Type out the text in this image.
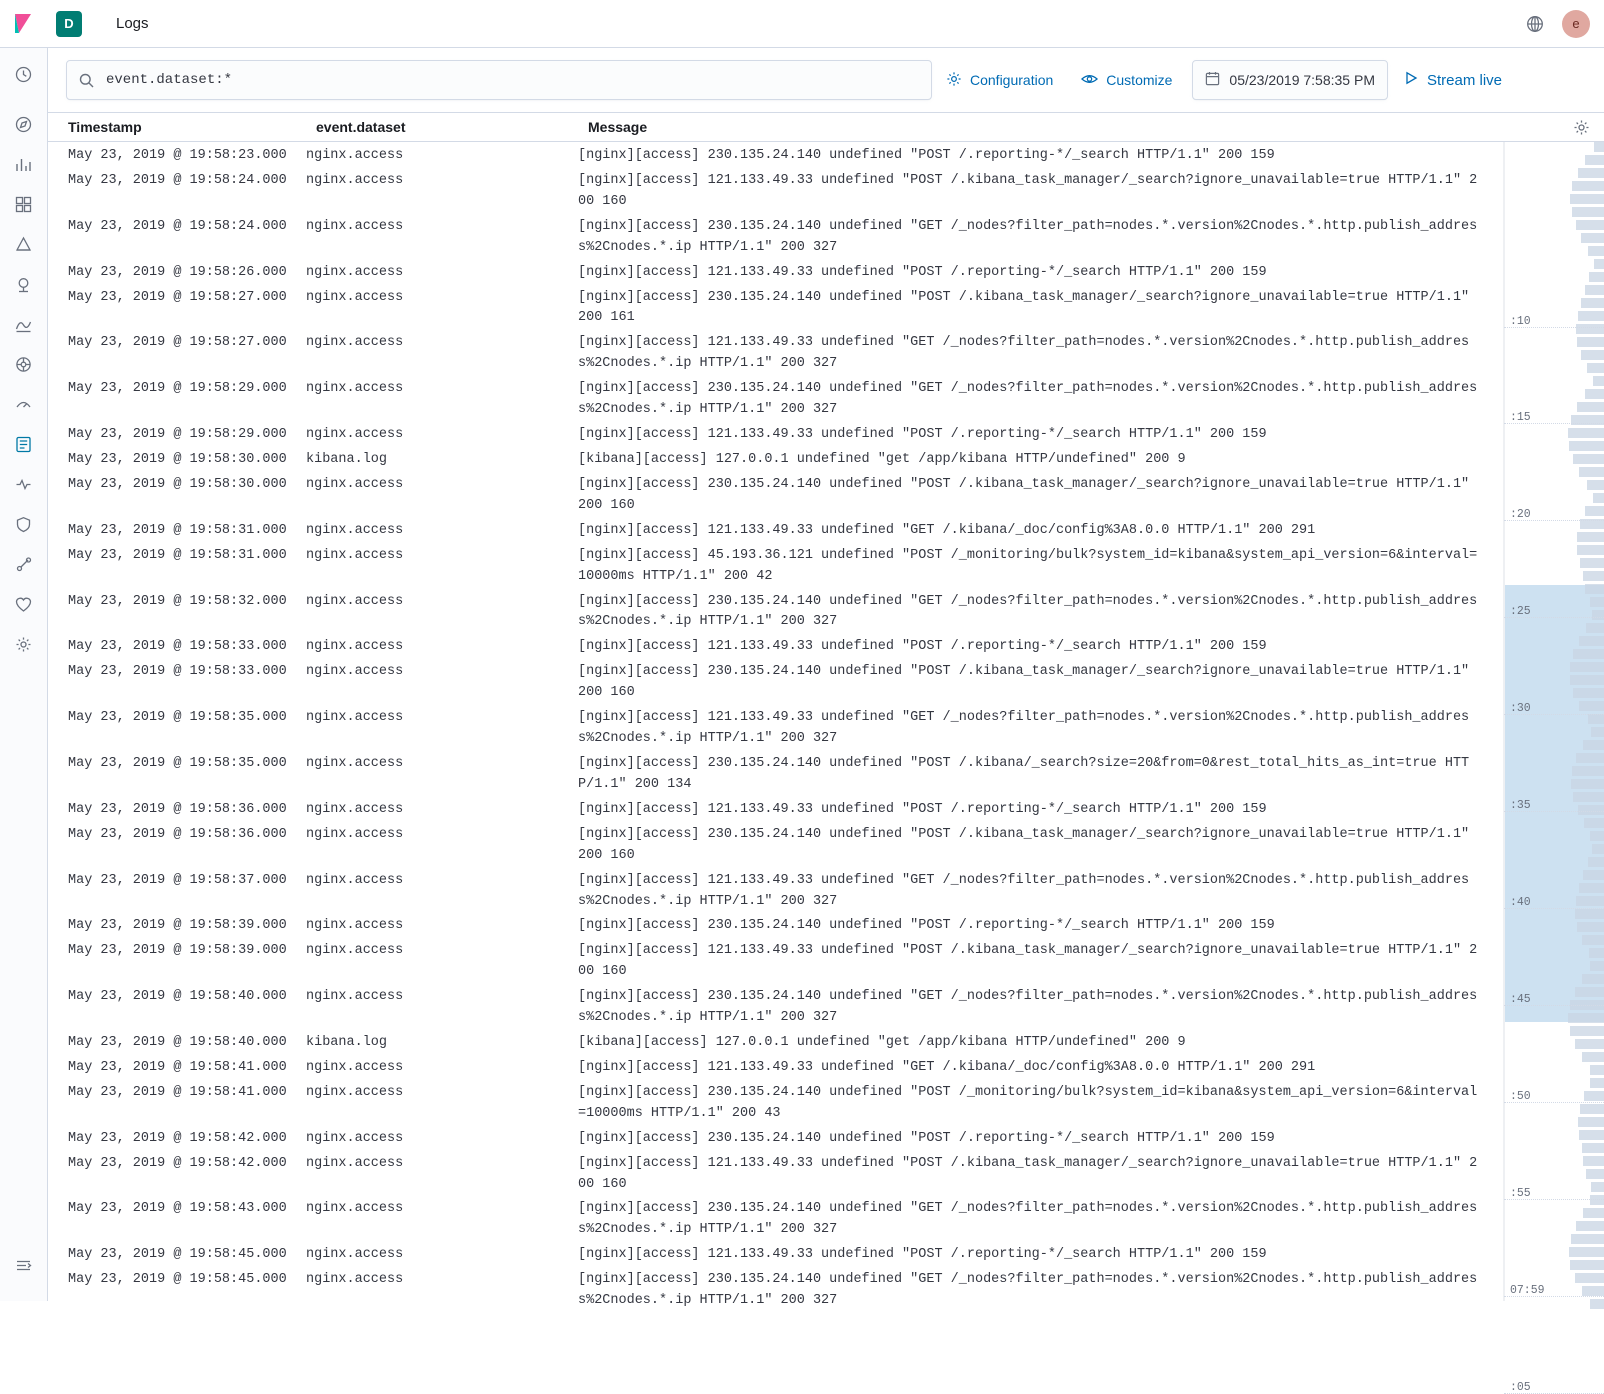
D	Logs	e
event.dataset:*
Configuration	Customize	05/23/2019 7:58:35 PM	Stream live
Timestamp	event.dataset	Message
May 23, 2019 @ 19:58:23.000	nginx.access	[nginx][access] 230.135.24.140 undefined "POST /.reporting-*/_search HTTP/1.1" 200 159
May 23, 2019 @ 19:58:24.000	nginx.access	[nginx][access] 121.133.49.33 undefined "POST /.kibana_task_manager/_search?ignore_unavailable=true HTTP/1.1" 200 160
May 23, 2019 @ 19:58:24.000	nginx.access	[nginx][access] 230.135.24.140 undefined "GET /_nodes?filter_path=nodes.*.version%2Cnodes.*.http.publish_address%2Cnodes.*.ip HTTP/1.1" 200 327
May 23, 2019 @ 19:58:26.000	nginx.access	[nginx][access] 121.133.49.33 undefined "POST /.reporting-*/_search HTTP/1.1" 200 159
May 23, 2019 @ 19:58:27.000	nginx.access	[nginx][access] 230.135.24.140 undefined "POST /.kibana_task_manager/_search?ignore_unavailable=true HTTP/1.1" 200 161
May 23, 2019 @ 19:58:27.000	nginx.access	[nginx][access] 121.133.49.33 undefined "GET /_nodes?filter_path=nodes.*.version%2Cnodes.*.http.publish_address%2Cnodes.*.ip HTTP/1.1" 200 327
May 23, 2019 @ 19:58:29.000	nginx.access	[nginx][access] 230.135.24.140 undefined "GET /_nodes?filter_path=nodes.*.version%2Cnodes.*.http.publish_address%2Cnodes.*.ip HTTP/1.1" 200 327
May 23, 2019 @ 19:58:29.000	nginx.access	[nginx][access] 121.133.49.33 undefined "POST /.reporting-*/_search HTTP/1.1" 200 159
May 23, 2019 @ 19:58:30.000	kibana.log	[kibana][access] 127.0.0.1 undefined "get /app/kibana HTTP/undefined" 200 9
May 23, 2019 @ 19:58:30.000	nginx.access	[nginx][access] 230.135.24.140 undefined "POST /.kibana_task_manager/_search?ignore_unavailable=true HTTP/1.1" 200 160
May 23, 2019 @ 19:58:31.000	nginx.access	[nginx][access] 121.133.49.33 undefined "GET /.kibana/_doc/config%3A8.0.0 HTTP/1.1" 200 291
May 23, 2019 @ 19:58:31.000	nginx.access	[nginx][access] 45.193.36.121 undefined "POST /_monitoring/bulk?system_id=kibana&system_api_version=6&interval=10000ms HTTP/1.1" 200 42
May 23, 2019 @ 19:58:32.000	nginx.access	[nginx][access] 230.135.24.140 undefined "GET /_nodes?filter_path=nodes.*.version%2Cnodes.*.http.publish_address%2Cnodes.*.ip HTTP/1.1" 200 327
May 23, 2019 @ 19:58:33.000	nginx.access	[nginx][access] 121.133.49.33 undefined "POST /.reporting-*/_search HTTP/1.1" 200 159
May 23, 2019 @ 19:58:33.000	nginx.access	[nginx][access] 230.135.24.140 undefined "POST /.kibana_task_manager/_search?ignore_unavailable=true HTTP/1.1" 200 160
May 23, 2019 @ 19:58:35.000	nginx.access	[nginx][access] 121.133.49.33 undefined "GET /_nodes?filter_path=nodes.*.version%2Cnodes.*.http.publish_address%2Cnodes.*.ip HTTP/1.1" 200 327
May 23, 2019 @ 19:58:35.000	nginx.access	[nginx][access] 230.135.24.140 undefined "POST /.kibana/_search?size=20&from=0&rest_total_hits_as_int=true HTTP/1.1" 200 134
May 23, 2019 @ 19:58:36.000	nginx.access	[nginx][access] 121.133.49.33 undefined "POST /.reporting-*/_search HTTP/1.1" 200 159
May 23, 2019 @ 19:58:36.000	nginx.access	[nginx][access] 230.135.24.140 undefined "POST /.kibana_task_manager/_search?ignore_unavailable=true HTTP/1.1" 200 160
May 23, 2019 @ 19:58:37.000	nginx.access	[nginx][access] 121.133.49.33 undefined "GET /_nodes?filter_path=nodes.*.version%2Cnodes.*.http.publish_address%2Cnodes.*.ip HTTP/1.1" 200 327
May 23, 2019 @ 19:58:39.000	nginx.access	[nginx][access] 230.135.24.140 undefined "POST /.reporting-*/_search HTTP/1.1" 200 159
May 23, 2019 @ 19:58:39.000	nginx.access	[nginx][access] 121.133.49.33 undefined "POST /.kibana_task_manager/_search?ignore_unavailable=true HTTP/1.1" 200 160
May 23, 2019 @ 19:58:40.000	nginx.access	[nginx][access] 230.135.24.140 undefined "GET /_nodes?filter_path=nodes.*.version%2Cnodes.*.http.publish_address%2Cnodes.*.ip HTTP/1.1" 200 327
May 23, 2019 @ 19:58:40.000	kibana.log	[kibana][access] 127.0.0.1 undefined "get /app/kibana HTTP/undefined" 200 9
May 23, 2019 @ 19:58:41.000	nginx.access	[nginx][access] 121.133.49.33 undefined "GET /.kibana/_doc/config%3A8.0.0 HTTP/1.1" 200 291
May 23, 2019 @ 19:58:41.000	nginx.access	[nginx][access] 230.135.24.140 undefined "POST /_monitoring/bulk?system_id=kibana&system_api_version=6&interval=10000ms HTTP/1.1" 200 43
May 23, 2019 @ 19:58:42.000	nginx.access	[nginx][access] 230.135.24.140 undefined "POST /.reporting-*/_search HTTP/1.1" 200 159
May 23, 2019 @ 19:58:42.000	nginx.access	[nginx][access] 121.133.49.33 undefined "POST /.kibana_task_manager/_search?ignore_unavailable=true HTTP/1.1" 200 160
May 23, 2019 @ 19:58:43.000	nginx.access	[nginx][access] 230.135.24.140 undefined "GET /_nodes?filter_path=nodes.*.version%2Cnodes.*.http.publish_address%2Cnodes.*.ip HTTP/1.1" 200 327
May 23, 2019 @ 19:58:45.000	nginx.access	[nginx][access] 121.133.49.33 undefined "POST /.reporting-*/_search HTTP/1.1" 200 159
May 23, 2019 @ 19:58:45.000	nginx.access	[nginx][access] 230.135.24.140 undefined "GET /_nodes?filter_path=nodes.*.version%2Cnodes.*.http.publish_address%2Cnodes.*.ip HTTP/1.1" 200 327
:10
:15
:20
:25
:30
:35
:40
:45
:50
:55
07:59
:05
